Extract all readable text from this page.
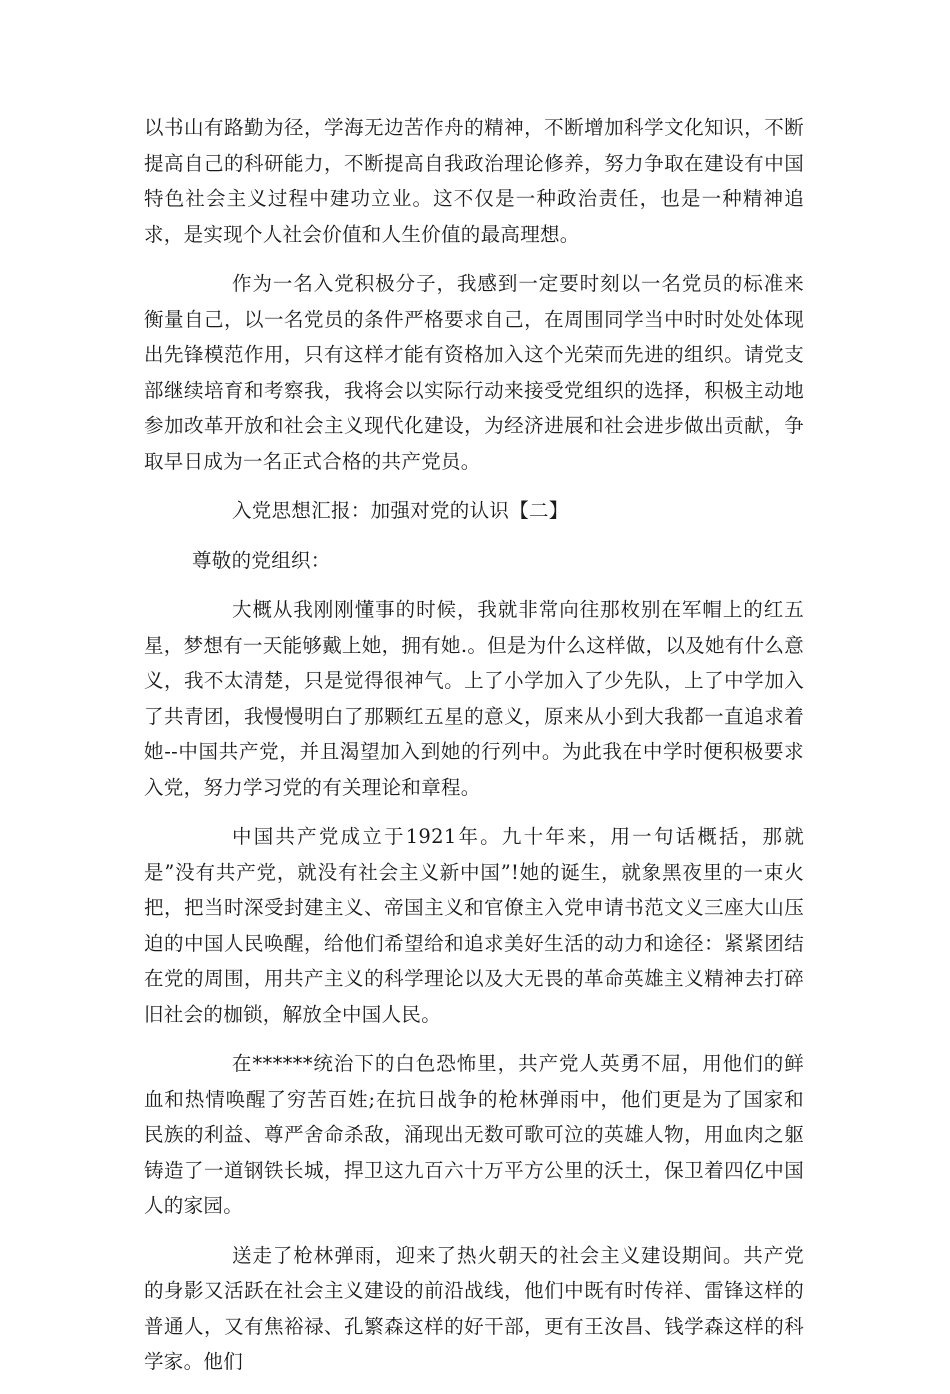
以书山有路勤为径，学海无边苦作舟的精神，不断增加科学文化知识，不断提高自己的科研能力，不断提高自我政治理论修养，努力争取在建设有中国特色社会主义过程中建功立业。这不仅是一种政治责任，也是一种精神追求，是实现个人社会价值和人生价值的最高理想。

作为一名入党积极分子，我感到一定要时刻以一名党员的标准来衡量自己，以一名党员的条件严格要求自己，在周围同学当中时时处处体现出先锋模范作用，只有这样才能有资格加入这个光荣而先进的组织。请党支部继续培育和考察我，我将会以实际行动来接受党组织的选择，积极主动地参加改革开放和社会主义现代化建设，为经济进展和社会进步做出贡献，争取早日成为一名正式合格的共产党员。

入党思想汇报：加强对党的认识【二】

尊敬的党组织：

大概从我刚刚懂事的时候，我就非常向往那枚别在军帽上的红五星，梦想有一天能够戴上她，拥有她.。但是为什么这样做，以及她有什么意义，我不太清楚，只是觉得很神气。上了小学加入了少先队，上了中学加入了共青团，我慢慢明白了那颗红五星的意义，原来从小到大我都一直追求着她--中国共产党，并且渴望加入到她的行列中。为此我在中学时便积极要求入党，努力学习党的有关理论和章程。

中国共产党成立于1921年。九十年来，用一句话概括，那就是”没有共产党，就没有社会主义新中国”!她的诞生，就象黑夜里的一束火把，把当时深受封建主义、帝国主义和官僚主入党申请书范文义三座大山压迫的中国人民唤醒，给他们希望给和追求美好生活的动力和途径：紧紧团结在党的周围，用共产主义的科学理论以及大无畏的革命英雄主义精神去打碎旧社会的枷锁，解放全中国人民。

在******统治下的白色恐怖里，共产党人英勇不屈，用他们的鲜血和热情唤醒了穷苦百姓;在抗日战争的枪林弹雨中，他们更是为了国家和民族的利益、尊严舍命杀敌，涌现出无数可歌可泣的英雄人物，用血肉之躯铸造了一道钢铁长城，捍卫这九百六十万平方公里的沃土，保卫着四亿中国人的家园。

送走了枪林弹雨，迎来了热火朝天的社会主义建设期间。共产党的身影又活跃在社会主义建设的前沿战线，他们中既有时传祥、雷锋这样的普通人，又有焦裕禄、孔繁森这样的好干部，更有王汝昌、钱学森这样的科学家。他们
